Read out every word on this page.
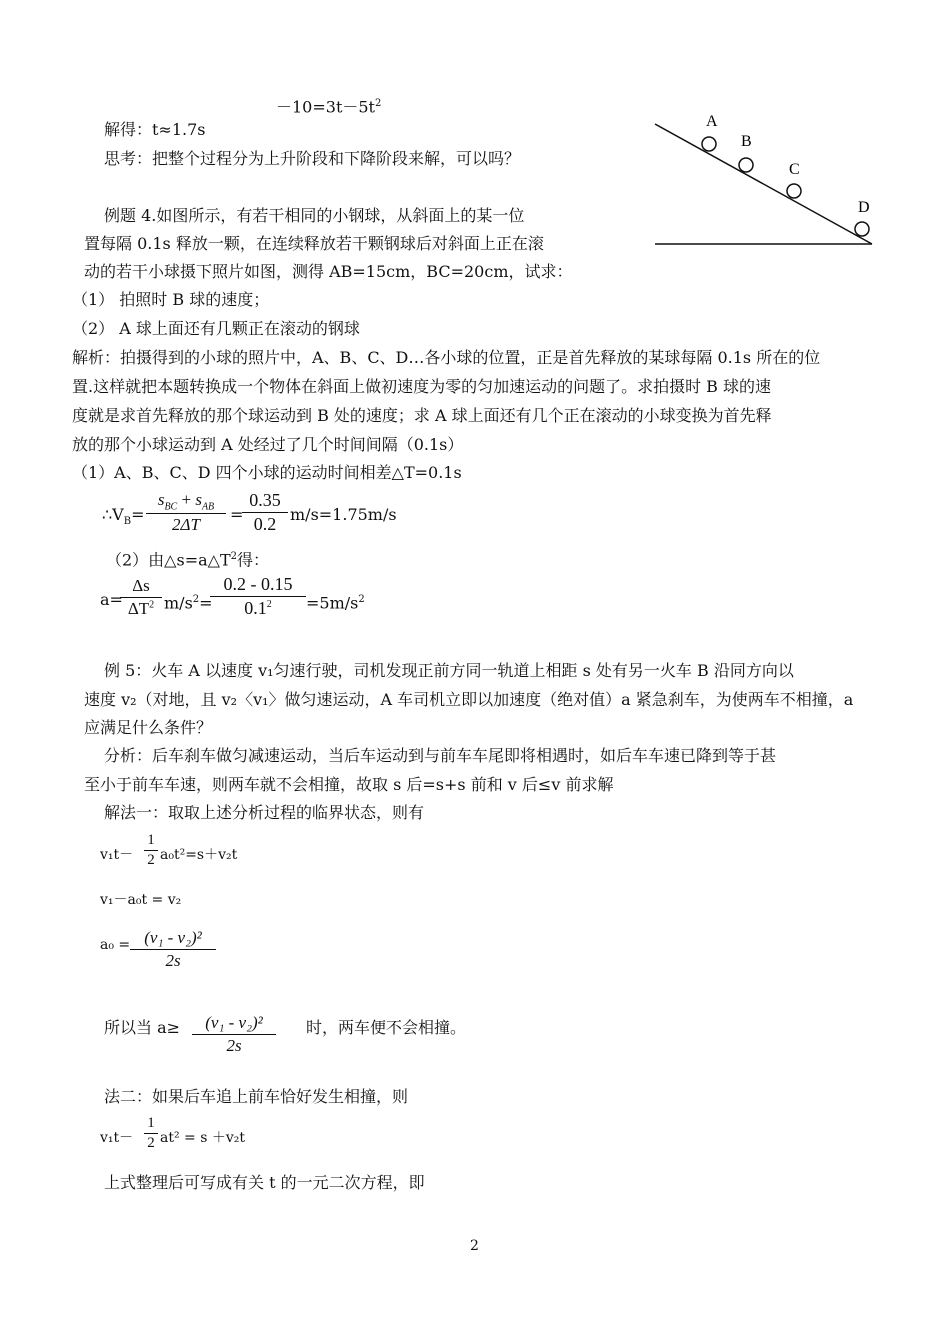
$-10=3t-5t^2$
解得：t≈1.7s
思考：把整个过程分为上升阶段和下降阶段来解，可以吗？
A
B
C
D
例题 4.如图所示，有若干相同的小钢球，从斜面上的某一位
置每隔 0.1s 释放一颗，在连续释放若干颗钢球后对斜面上正在滚
动的若干小球摄下照片如图，测得 AB=15cm，BC=20cm，试求：
（1） 拍照时 B 球的速度；
（2） A 球上面还有几颗正在滚动的钢球
解析：拍摄得到的小球的照片中，A、B、C、D…各小球的位置，正是首先释放的某球每隔 0.1s 所在的位
置.这样就把本题转换成一个物体在斜面上做初速度为零的匀加速运动的问题了。求拍摄时 B 球的速
度就是求首先释放的那个球运动到 B 处的速度；求 A 球上面还有几个正在滚动的小球变换为首先释
放的那个小球运动到 A 处经过了几个时间间隔（0.1s）
（1）A、B、C、D 四个小球的运动时间相差△T=0.1s
$\therefore V_B=$
$s_{BC} + s_{AB}$
2ΔT
=
0.35
0.2 m/s=1.75m/s
（2）由$\triangle s=a\triangle T^2$得：
a=
Δs
$\Delta T^2$ $m/s^2=$
0.2 - 0.15
$0.1^2$	$=5m/s^2$
例 5：火车 A 以速度 v₁匀速行驶，司机发现正前方同一轨道上相距 s 处有另一火车 B 沿同方向以
速度 v₂（对地，且 v₂〈v₁〉做匀速运动，A 车司机立即以加速度（绝对值）a 紧急刹车，为使两车不相撞，a
应满足什么条件？
分析：后车刹车做匀减速运动，当后车运动到与前车车尾即将相遇时，如后车车速已降到等于甚
至小于前车车速，则两车就不会相撞，故取 s 后=s+s 前和 v 后≤v 前求解
解法一：取取上述分析过程的临界状态，则有
v₁t－
1
2 a₀t²=s＋v₂t
v₁－a₀t = v₂
a₀ = (v₁ - v₂)²
2s
所以当 a≥	(v₁ - v₂)²
2s
时，两车便不会相撞。
法二：如果后车追上前车恰好发生相撞，则
v₁t－
1
2 at² = s ＋v₂t
上式整理后可写成有关 t 的一元二次方程，即
2
